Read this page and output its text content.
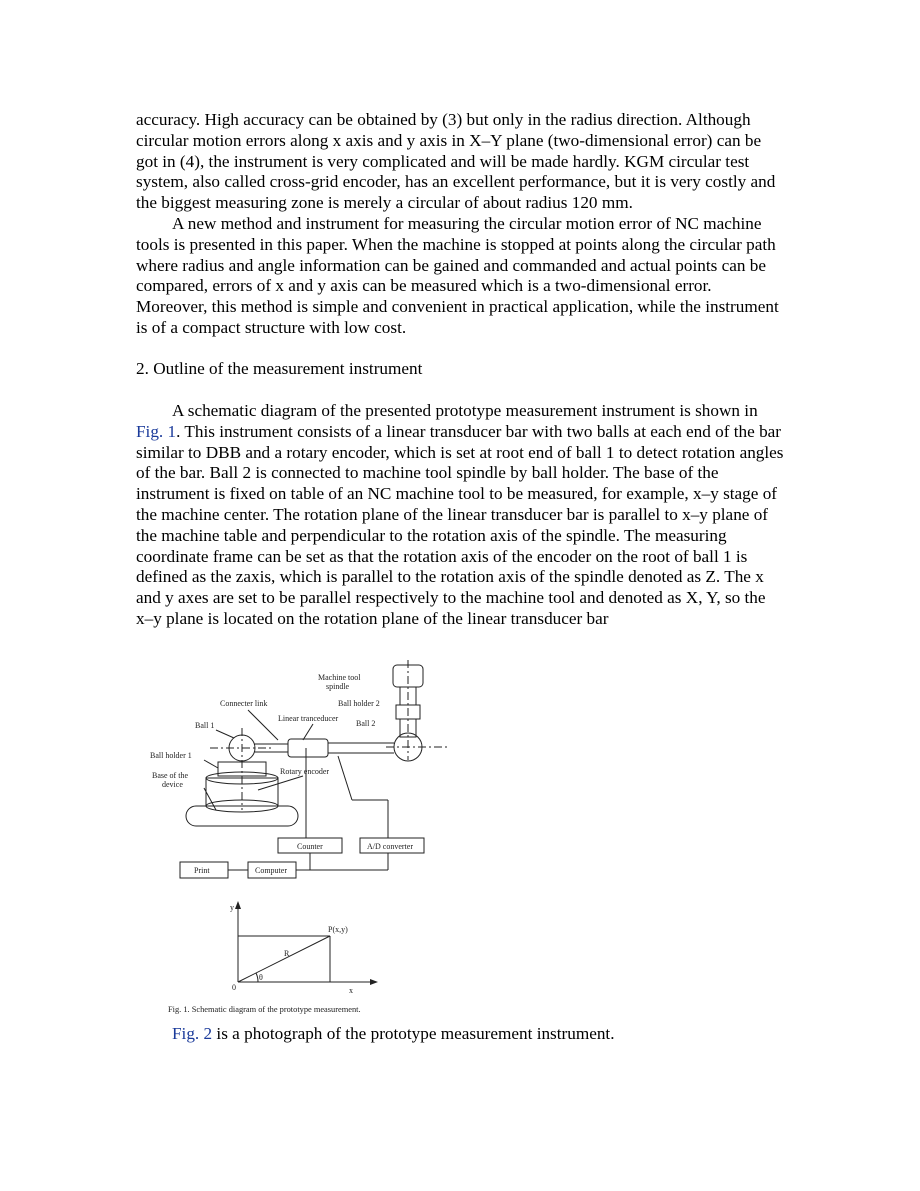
accuracy. High accuracy can be obtained by (3) but only in the radius direction. Although circular motion errors along x axis and y axis in X–Y plane (two-dimensional error) can be got in (4), the instrument is very complicated and will be made hardly. KGM circular test system, also called cross-grid encoder, has an excellent performance, but it is very costly and the biggest measuring zone is merely a circular of about radius 120 mm.

A new method and instrument for measuring the circular motion error of NC machine tools is presented in this paper. When the machine is stopped at points along the circular path where radius and angle information can be gained and commanded and actual points can be compared, errors of x and y axis can be measured which is a two-dimensional error. Moreover, this method is simple and convenient in practical application, while the instrument is of a compact structure with low cost.

2. Outline of the measurement instrument

A schematic diagram of the presented prototype measurement instrument is shown in Fig. 1. This instrument consists of a linear transducer bar with two balls at each end of the bar similar to DBB and a rotary encoder, which is set at root end of ball 1 to detect rotation angles of the bar. Ball 2 is connected to machine tool spindle by ball holder. The base of the instrument is fixed on table of an NC machine tool to be measured, for example, x–y stage of the machine center. The rotation plane of the linear transducer bar is parallel to x–y plane of the machine table and perpendicular to the rotation axis of the spindle. The measuring coordinate frame can be set as that the rotation axis of the encoder on the root of ball 1 is defined as the zaxis, which is parallel to the rotation axis of the spindle denoted as Z. The x and y axes are set to be parallel respectively to the machine tool and denoted as X, Y, so the x–y plane is located on the rotation plane of the linear transducer bar

Machine tool
spindle
Connecter link	Ball holder 2
Linear tranceducer
Ball 1	Ball 2
Ball holder 1
Base of the
device
Rotary encoder
Counter	A/D converter
Print	Computer
y
x
0
P(x,y)
R
θ
Fig. 1. Schematic diagram of the prototype measurement.

Fig. 2 is a photograph of the prototype measurement instrument.
